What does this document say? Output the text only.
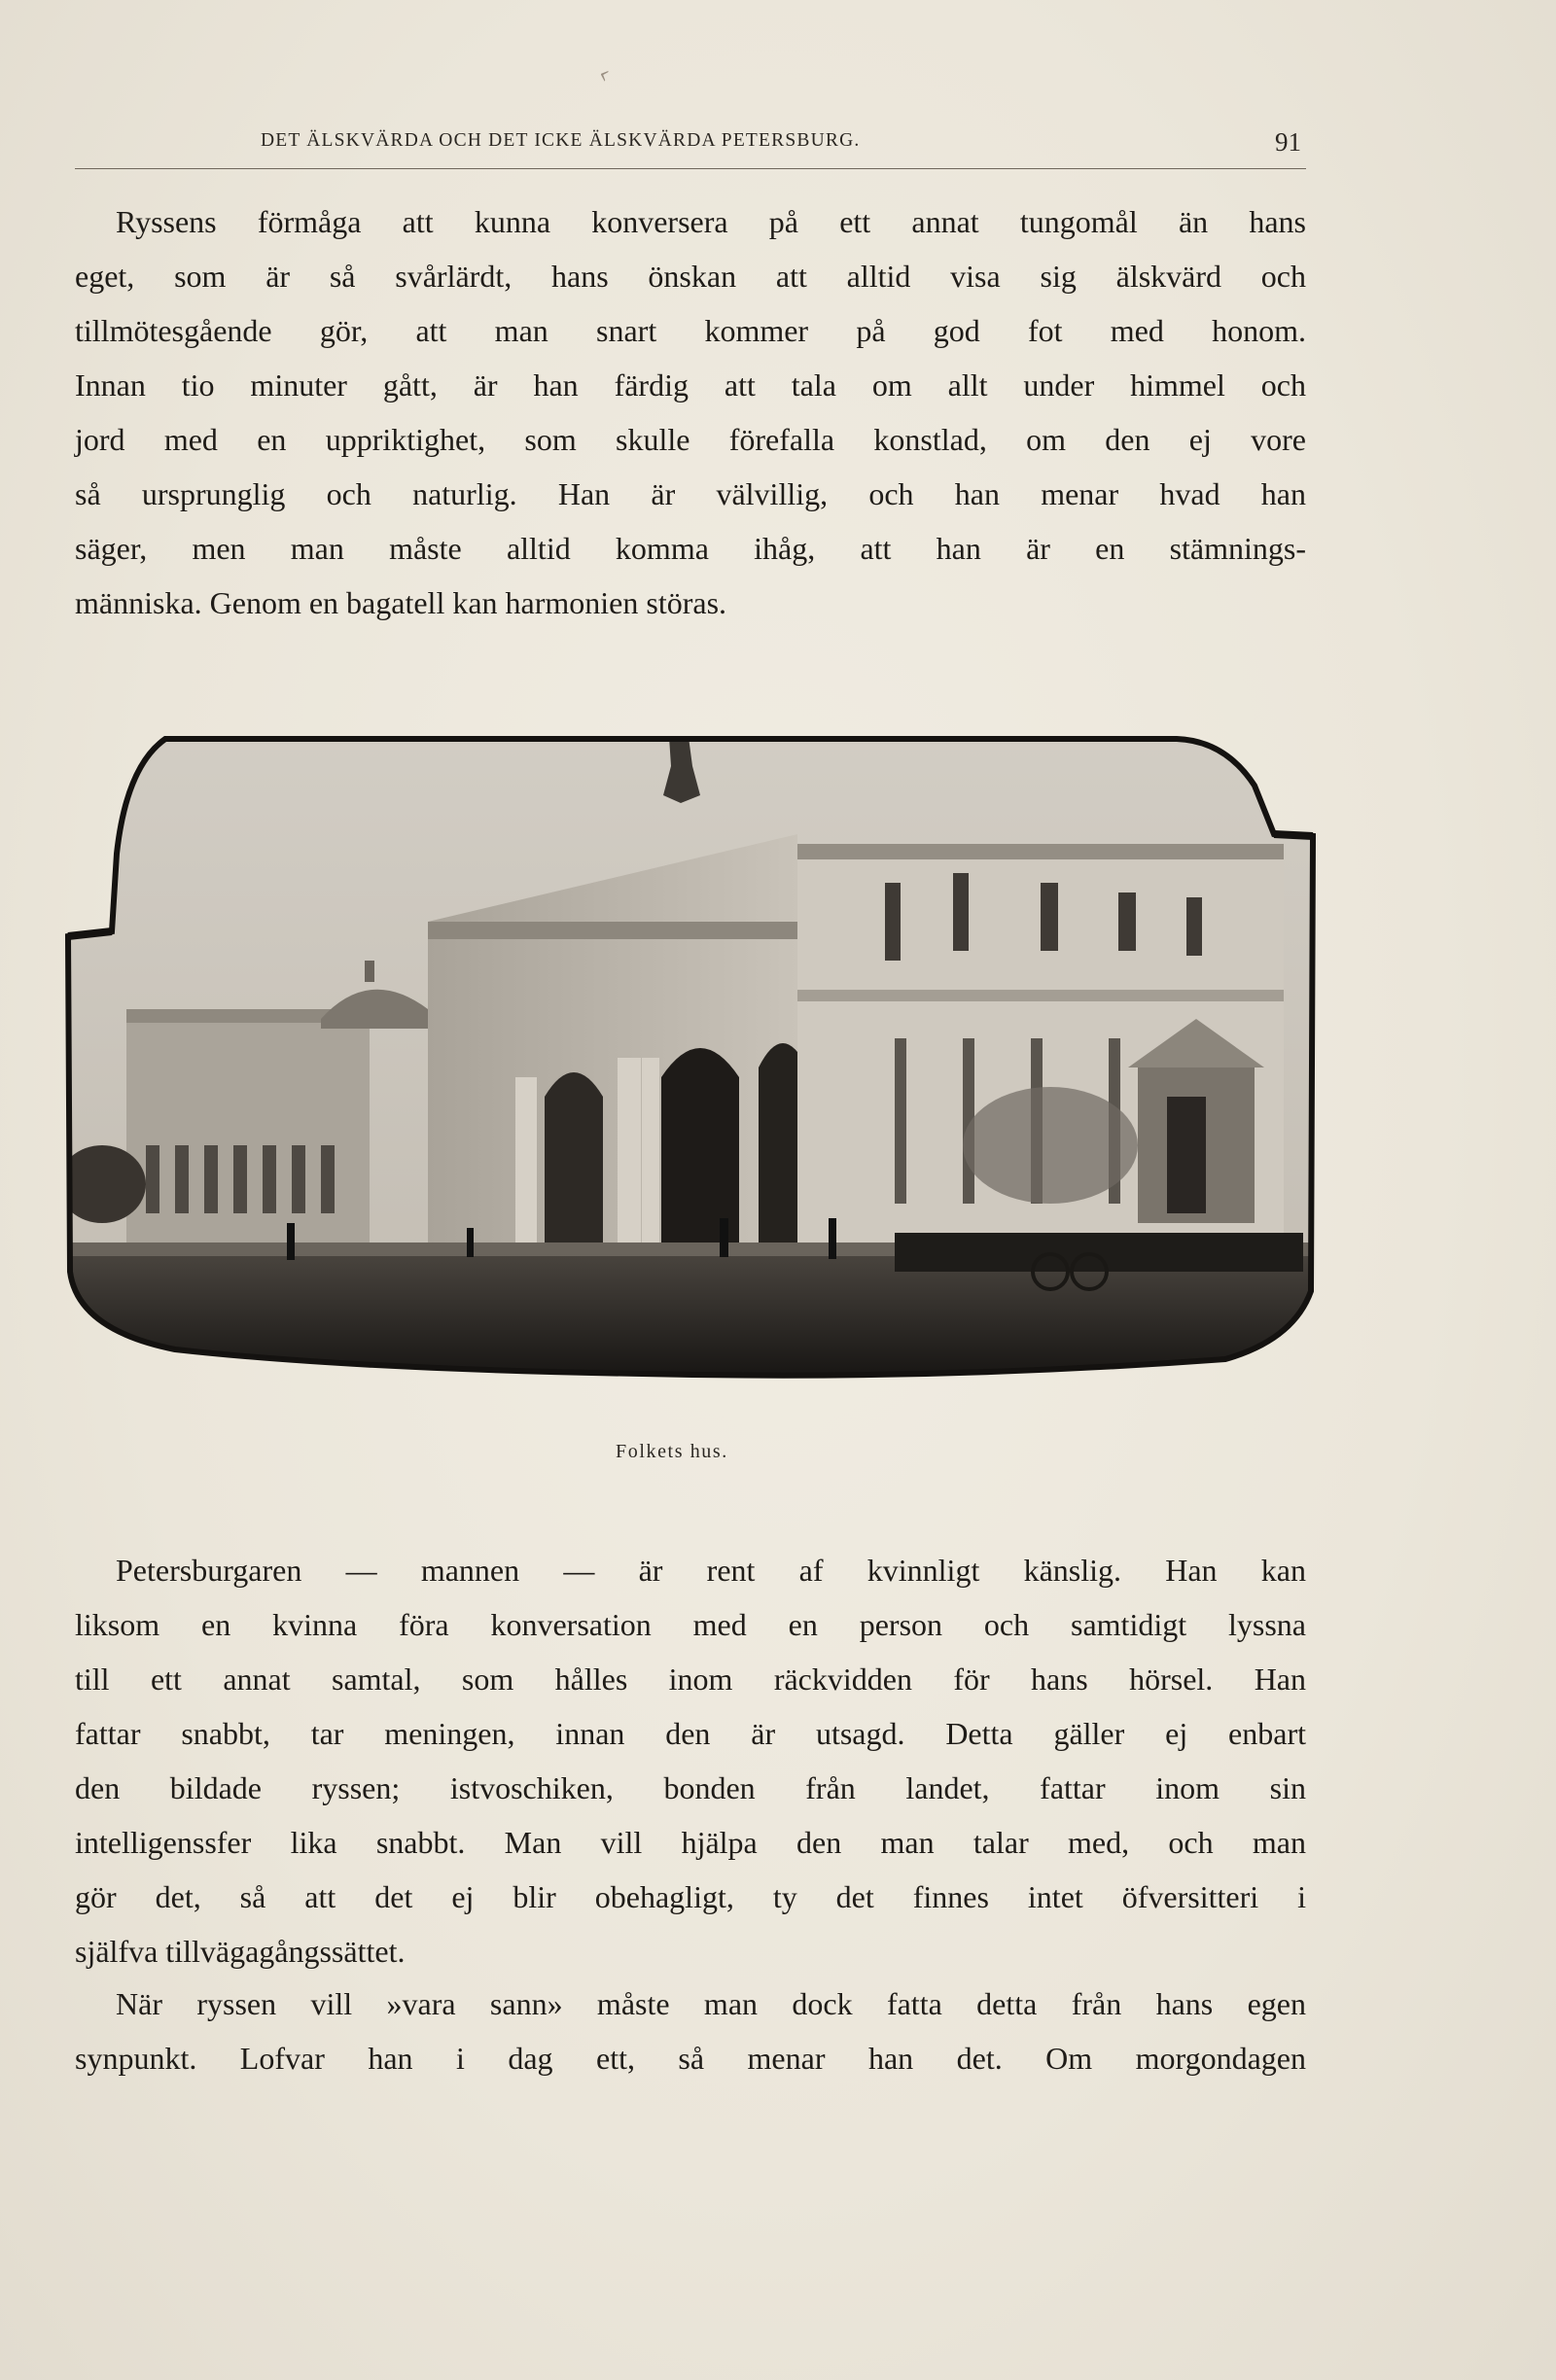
‹
DET ÄLSKVÄRDA OCH DET ICKE ÄLSKVÄRDA PETERSBURG.	91
Ryssens förmåga att kunna konversera på ett annat tungomål än hans
eget, som är så svårlärdt, hans önskan att alltid visa sig älskvärd och
tillmötesgående gör, att man snart kommer på god fot med honom.
Innan tio minuter gått, är han färdig att tala om allt under himmel och
jord med en uppriktighet, som skulle förefalla konstlad, om den ej vore
så ursprunglig och naturlig. Han är välvillig, och han menar hvad han
säger, men man måste alltid komma ihåg, att han är en stämnings-
människa. Genom en bagatell kan harmonien störas.
Folkets hus.
Petersburgaren — mannen — är rent af kvinnligt känslig. Han kan
liksom en kvinna föra konversation med en person och samtidigt lyssna
till ett annat samtal, som hålles inom räckvidden för hans hörsel. Han
fattar snabbt, tar meningen, innan den är utsagd. Detta gäller ej enbart
den bildade ryssen; istvoschiken, bonden från landet, fattar inom sin
intelligenssfer lika snabbt. Man vill hjälpa den man talar med, och man
gör det, så att det ej blir obehagligt, ty det finnes intet öfversitteri i
själfva tillvägagångssättet.
När ryssen vill »vara sann» måste man dock fatta detta från hans egen
synpunkt. Lofvar han i dag ett, så menar han det. Om morgondagen
